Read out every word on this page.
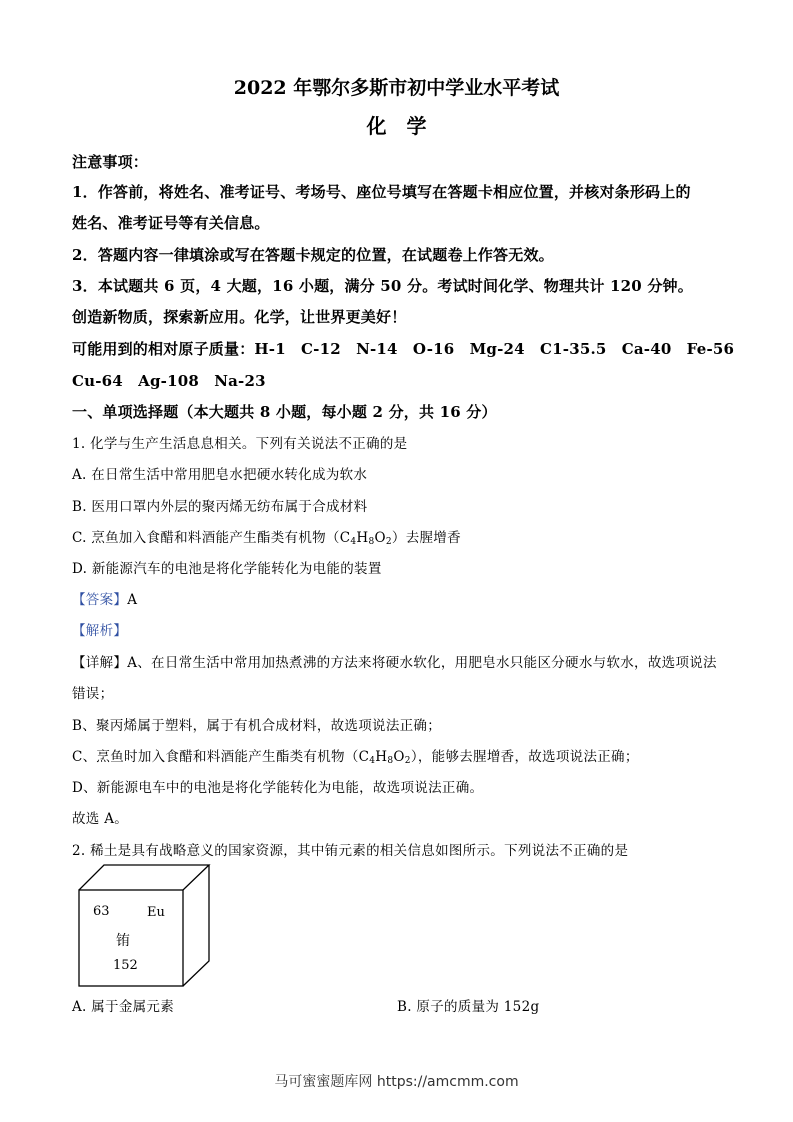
2022 年鄂尔多斯市初中学业水平考试
化　学
注意事项：
1．作答前，将姓名、准考证号、考场号、座位号填写在答题卡相应位置，并核对条形码上的
姓名、准考证号等有关信息。
2．答题内容一律填涂或写在答题卡规定的位置，在试题卷上作答无效。
3．本试题共 6 页，4 大题，16 小题，满分 50 分。考试时间化学、物理共计 120 分钟。
创造新物质，探索新应用。化学，让世界更美好！
可能用到的相对原子质量：H-1　C-12　N-14　O-16　Mg-24　C1-35.5　Ca-40　Fe-56
Cu-64　Ag-108　Na-23
一、单项选择题（本大题共 8 小题，每小题 2 分，共 16 分）
1. 化学与生产生活息息相关。下列有关说法不正确的是
A. 在日常生活中常用肥皂水把硬水转化成为软水
B. 医用口罩内外层的聚丙烯无纺布属于合成材料
C. 烹鱼加入食醋和料酒能产生酯类有机物$(C_4H_8O_2)$去腥增香
D. 新能源汽车的电池是将化学能转化为电能的装置
【答案】A
【解析】
【详解】A、在日常生活中常用加热煮沸的方法来将硬水软化，用肥皂水只能区分硬水与软水，故选项说法
错误；
B、聚丙烯属于塑料，属于有机合成材料，故选项说法正确；
C、烹鱼时加入食醋和料酒能产生酯类有机物$(C_4H_8O_2)$，能够去腥增香，故选项说法正确；
D、新能源电车中的电池是将化学能转化为电能，故选项说法正确。
故选 A。
2. 稀土是具有战略意义的国家资源，其中铕元素的相关信息如图所示。下列说法不正确的是
63	Eu
铕
152
A. 属于金属元素	B. 原子的质量为 152g
马可蜜蜜题库网 https://amcmm.com
